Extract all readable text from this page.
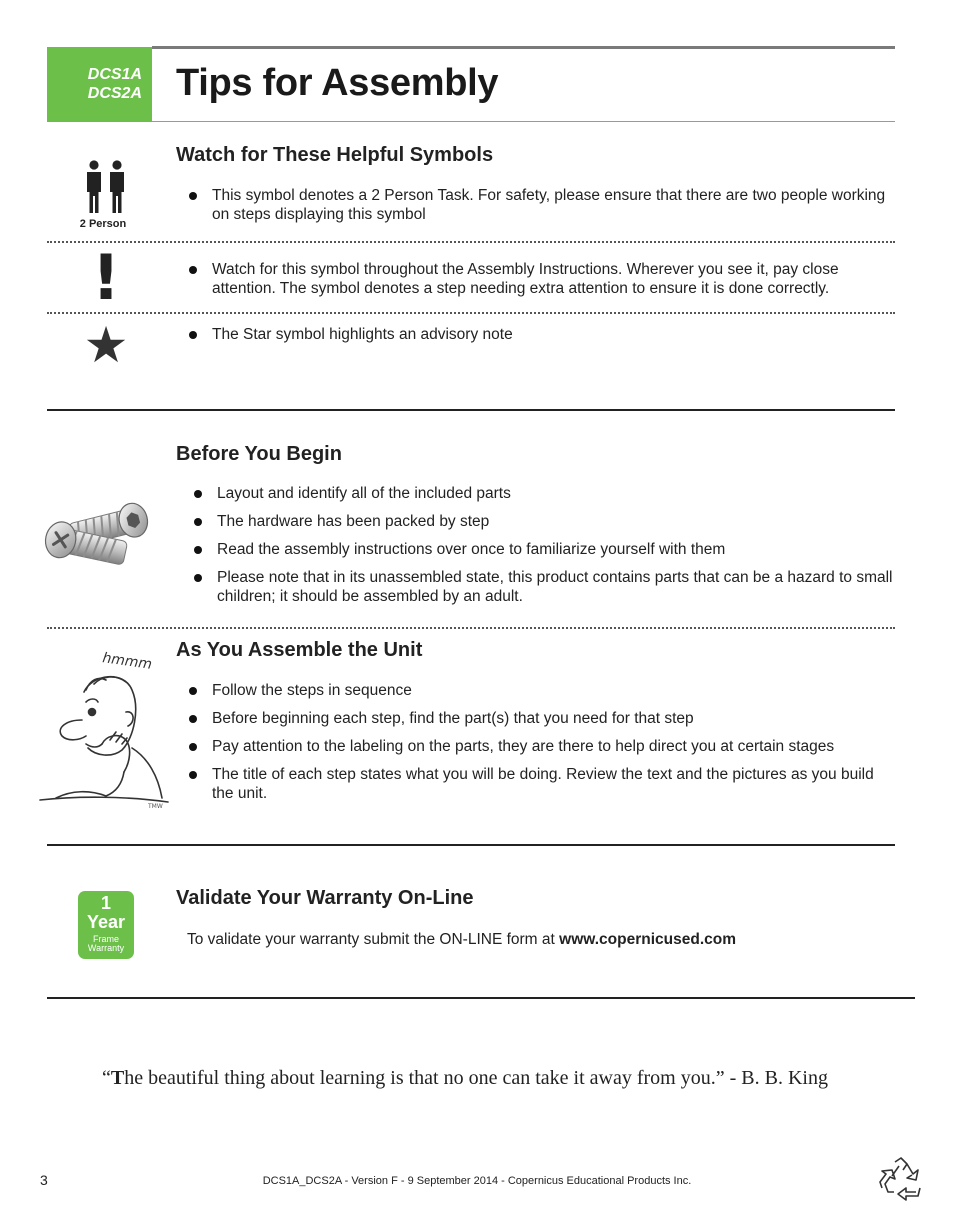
DCS1A
DCS2A Tips for Assembly
Watch for These Helpful Symbols
2 Person
This symbol denotes a 2 Person Task. For safety, please ensure that there are two people working on steps displaying this symbol
!	Watch for this symbol throughout the Assembly Instructions. Wherever you see it, pay close attention. The symbol denotes a step needing extra attention to ensure it is done correctly.
★	The Star symbol highlights an advisory note
Before You Begin
Layout and identify all of the included parts
The hardware has been packed by step
Read the assembly instructions over once to familiarize yourself with them
Please note that in its unassembled state, this product contains parts that can be a hazard to small children; it should be assembled by an adult.
As You Assemble the Unit
hmmm
TMW
Follow the steps in sequence
Before beginning each step, find the part(s) that you need for that step
Pay attention to the labeling on the parts, they are there to help direct you at certain stages
The title of each step states what you will be doing. Review the text and the pictures as you build the unit.
1
Year
Frame
Warranty
Validate Your Warranty On-Line
To validate your warranty submit the ON-LINE form at www.copernicused.com
“The beautiful thing about learning is that no one can take it away from you.” - B. B. King
3	DCS1A_DCS2A - Version F - 9 September 2014 - Copernicus Educational Products Inc.
